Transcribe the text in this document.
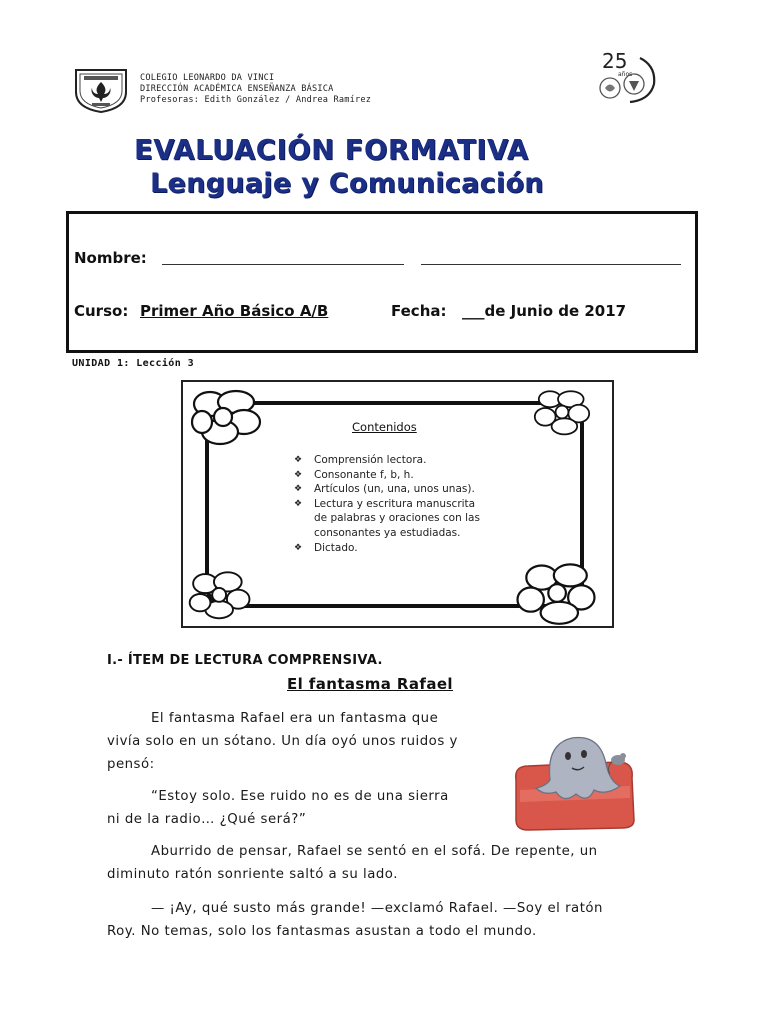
COLEGIO LEONARDO DA VINCI
DIRECCIÓN ACADÉMICA ENSEÑANZA BÁSICA
Profesoras: Edith González / Andrea Ramírez
25
años
EVALUACIÓN FORMATIVA
Lenguaje y Comunicación
Nombre:
Curso: Primer Año Básico A/B	Fecha: ___de Junio de 2017
UNIDAD 1: Lección 3
Contenidos
❖ Comprensión lectora.
❖ Consonante f, b, h.
❖ Artículos (un, una, unos unas).
❖ Lectura y escritura manuscrita
de palabras y oraciones con las
consonantes ya estudiadas.
❖ Dictado.
I.- ÍTEM DE LECTURA COMPRENSIVA.
El fantasma Rafael
El fantasma Rafael era un fantasma que
vivía solo en un sótano. Un día oyó unos ruidos y
pensó:
“Estoy solo. Ese ruido no es de una sierra
ni de la radio… ¿Qué será?”
Aburrido de pensar, Rafael se sentó en el sofá. De repente, un
diminuto ratón sonriente saltó a su lado.
— ¡Ay, qué susto más grande! —exclamó Rafael. —Soy el ratón
Roy. No temas, solo los fantasmas asustan a todo el mundo.
